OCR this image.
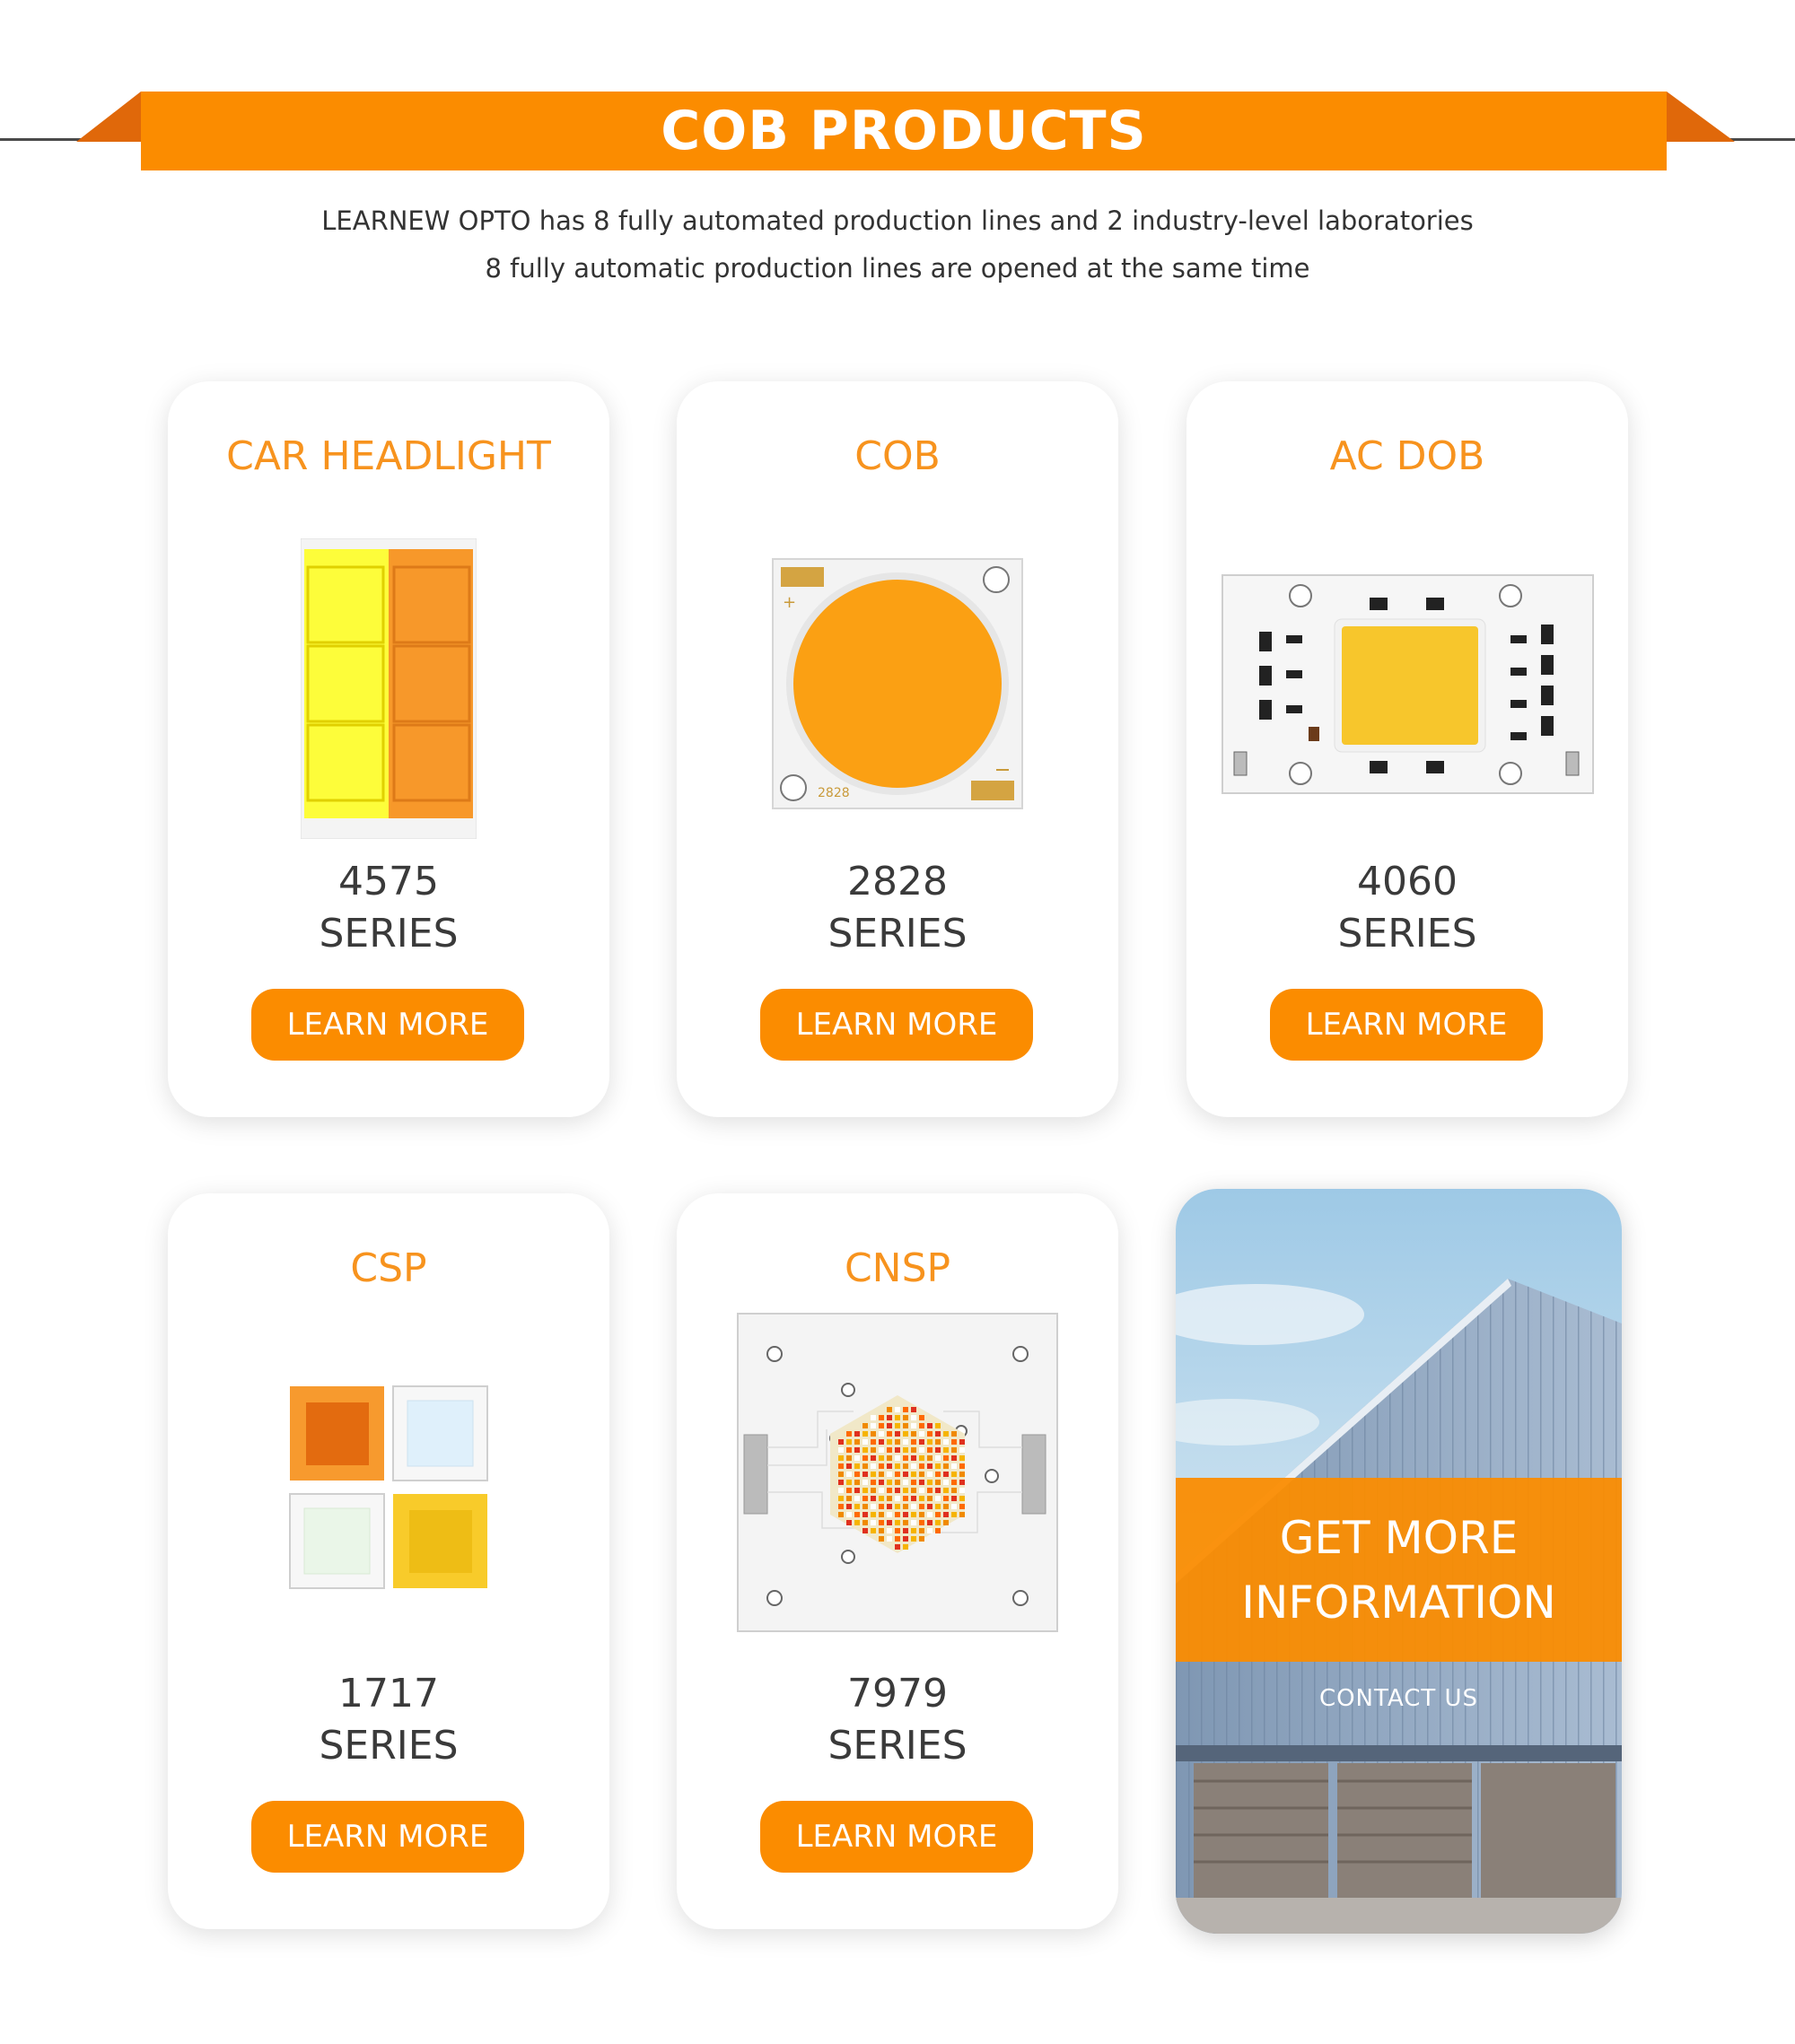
COB PRODUCTS
LEARNEW OPTO has 8 fully automated production lines and 2 industry-level laboratories
8 fully automatic production lines are opened at the same time
CAR HEADLIGHT
4575
SERIES
LEARN MORE
COB
+
2828
2828
SERIES
LEARN MORE
AC DOB
4060
SERIES
LEARN MORE
CSP
1717
SERIES
LEARN MORE
CNSP
7979
SERIES
LEARN MORE
GET MORE
INFORMATION
CONTACT US
